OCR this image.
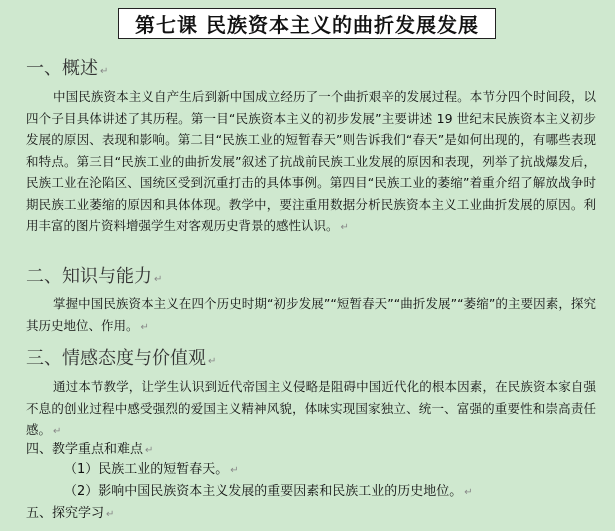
第七课 民族资本主义的曲折发展发展
一、概述 ↵
中国民族资本主义自产生后到新中国成立经历了一个曲折艰辛的发展过程。本节分四个时间段，以四个子目具体讲述了其历程。第一目“民族资本主义的初步发展”主要讲述 19 世纪末民族资本主义初步发展的原因、表现和影响。第二目“民族工业的短暂春天”则告诉我们“春天”是如何出现的，有哪些表现和特点。第三目“民族工业的曲折发展”叙述了抗战前民族工业发展的原因和表现，列举了抗战爆发后，民族工业在沦陷区、国统区受到沉重打击的具体事例。第四目“民族工业的萎缩”着重介绍了解放战争时期民族工业萎缩的原因和具体体现。教学中，要注重用数据分析民族资本主义工业曲折发展的原因。利用丰富的图片资料增强学生对客观历史背景的感性认识。 ↵
二、知识与能力 ↵
掌握中国民族资本主义在四个历史时期“初步发展”“短暂春天”“曲折发展”“萎缩”的主要因素，探究其历史地位、作用。 ↵
三、情感态度与价值观 ↵
通过本节教学，让学生认识到近代帝国主义侵略是阻碍中国近代化的根本因素，在民族资本家自强不息的创业过程中感受强烈的爱国主义精神风貌，体味实现国家独立、统一、富强的重要性和崇高责任感。 ↵
四、教学重点和难点 ↵
（1）民族工业的短暂春天。 ↵
（2）影响中国民族资本主义发展的重要因素和民族工业的历史地位。 ↵
五、探究学习 ↵
